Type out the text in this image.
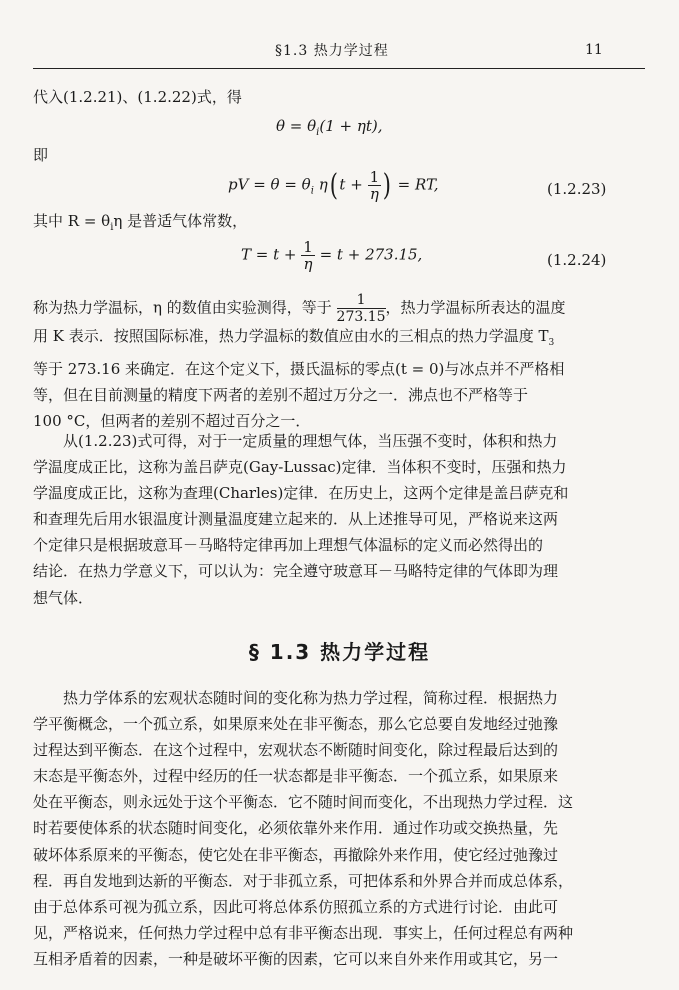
§1.3 热力学过程	11
代入(1.2.21)、(1.2.22)式，得
$\theta = \theta_i(1 + \eta t)$,
即
pV = $\theta = \theta_i$ η( $t + \frac{1}{\eta}$ ) = RT,	(1.2.23)
其中 $R = \theta_i\eta$ 是普适气体常数，
$T = t + \frac{1}{\eta} = t + 273.15$,	(1.2.24)
称为热力学温标，η 的数值由实验测得，等于 $\frac{1}{273.15}$ ，热力学温标所表达的温度

用 K 表示．按照国际标准，热力学温标的数值应由水的三相点的热力学温度 $T_3$

等于 273.16 来确定．在这个定义下，摄氏温标的零点(t = 0)与冰点并不严格相

等，但在目前测量的精度下两者的差别不超过万分之一．沸点也不严格等于

100 °C，但两者的差别不超过百分之一．

从(1.2.23)式可得，对于一定质量的理想气体，当压强不变时，体积和热力

学温度成正比，这称为盖吕萨克(Gay-Lussac)定律．当体积不变时，压强和热力

学温度成正比，这称为查理(Charles)定律．在历史上，这两个定律是盖吕萨克和

和查理先后用水银温度计测量温度建立起来的．从上述推导可见，严格说来这两

个定律只是根据玻意耳－马略特定律再加上理想气体温标的定义而必然得出的

结论．在热力学意义下，可以认为：完全遵守玻意耳－马略特定律的气体即为理

想气体．

§ 1.3 热力学过程

热力学体系的宏观状态随时间的变化称为热力学过程，简称过程．根据热力

学平衡概念，一个孤立系，如果原来处在非平衡态，那么它总要自发地经过弛豫

过程达到平衡态．在这个过程中，宏观状态不断随时间变化，除过程最后达到的

末态是平衡态外，过程中经历的任一状态都是非平衡态．一个孤立系，如果原来

处在平衡态，则永远处于这个平衡态．它不随时间而变化，不出现热力学过程．这

时若要使体系的状态随时间变化，必须依靠外来作用．通过作功或交换热量，先

破坏体系原来的平衡态，使它处在非平衡态，再撤除外来作用，使它经过弛豫过

程．再自发地到达新的平衡态．对于非孤立系，可把体系和外界合并而成总体系，

由于总体系可视为孤立系，因此可将总体系仿照孤立系的方式进行讨论．由此可

见，严格说来，任何热力学过程中总有非平衡态出现．事实上，任何过程总有两种

互相矛盾着的因素，一种是破坏平衡的因素，它可以来自外来作用或其它，另一
